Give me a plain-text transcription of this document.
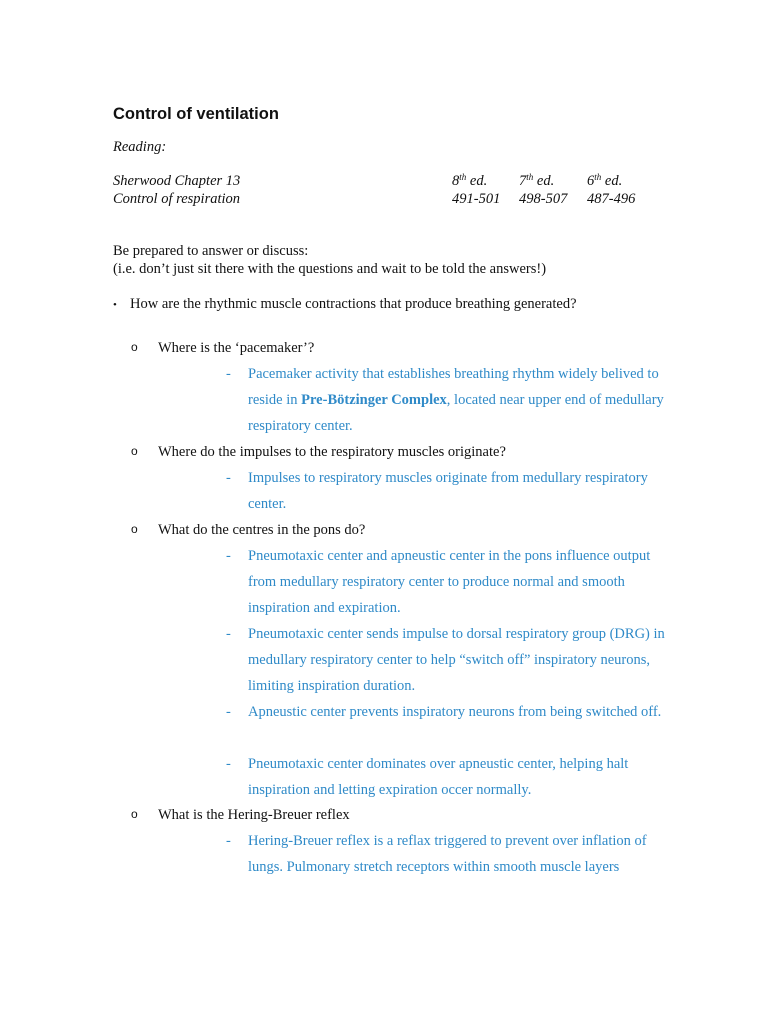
Control of ventilation
Reading:
Sherwood Chapter 13	8th ed. 7th ed. 6th ed.
Control of respiration	491-501 498-507 487-496
Be prepared to answer or discuss:
(i.e. don’t just sit there with the questions and wait to be told the answers!)
• How are the rhythmic muscle contractions that produce breathing generated?
o Where is the ‘pacemaker’?
- Pacemaker activity that establishes breathing rhythm widely belived to reside in Pre-Bötzinger Complex, located near upper end of medullary respiratory center.
o Where do the impulses to the respiratory muscles originate?
- Impulses to respiratory muscles originate from medullary respiratory center.
o What do the centres in the pons do?
- Pneumotaxic center and apneustic center in the pons influence output from medullary respiratory center to produce normal and smooth inspiration and expiration.
- Pneumotaxic center sends impulse to dorsal respiratory group (DRG) in medullary respiratory center to help “switch off” inspiratory neurons, limiting inspiration duration.
- Apneustic center prevents inspiratory neurons from being switched off.
- Pneumotaxic center dominates over apneustic center, helping halt inspiration and letting expiration occer normally.
o What is the Hering-Breuer reflex
- Hering-Breuer reflex is a reflax triggered to prevent over inflation of lungs. Pulmonary stretch receptors within smooth muscle layers
